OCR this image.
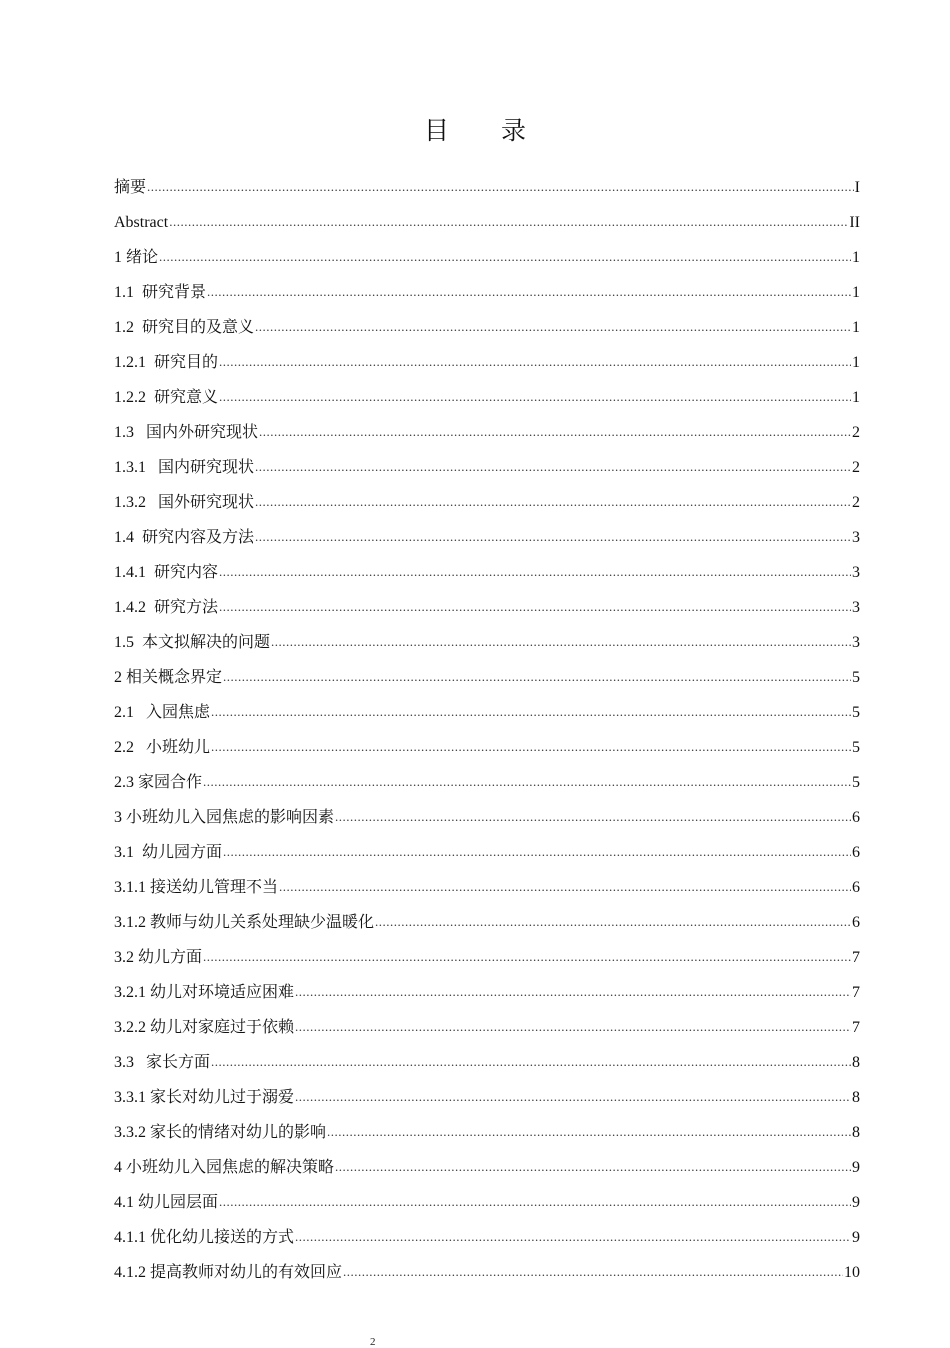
目 录
摘要 .....	I
Abstract .....	II
1 绪论 .....	1
1.1  研究背景 .....	1
1.2  研究目的及意义 .....	1
1.2.1  研究目的 .....	1
1.2.2  研究意义 .....	1
1.3   国内外研究现状 .....	2
1.3.1   国内研究现状 .....	2
1.3.2   国外研究现状 .....	2
1.4  研究内容及方法 .....	3
1.4.1  研究内容 .....	3
1.4.2  研究方法 .....	3
1.5  本文拟解决的问题 .....	3
2 相关概念界定 .....	5
2.1   入园焦虑 .....	5
2.2   小班幼儿 .....	5
2.3 家园合作 .....	5
3 小班幼儿入园焦虑的影响因素 .....	6
3.1  幼儿园方面 .....	6
3.1.1 接送幼儿管理不当 .....	6
3.1.2 教师与幼儿关系处理缺少温暖化 .....	6
3.2 幼儿方面 .....	7
3.2.1 幼儿对环境适应困难 .....	7
3.2.2 幼儿对家庭过于依赖 .....	7
3.3   家长方面 .....	8
3.3.1 家长对幼儿过于溺爱 .....	8
3.3.2 家长的情绪对幼儿的影响 .....	8
4 小班幼儿入园焦虑的解决策略 .....	9
4.1 幼儿园层面 .....	9
4.1.1 优化幼儿接送的方式 .....	9
4.1.2 提高教师对幼儿的有效回应 .....	10
2
